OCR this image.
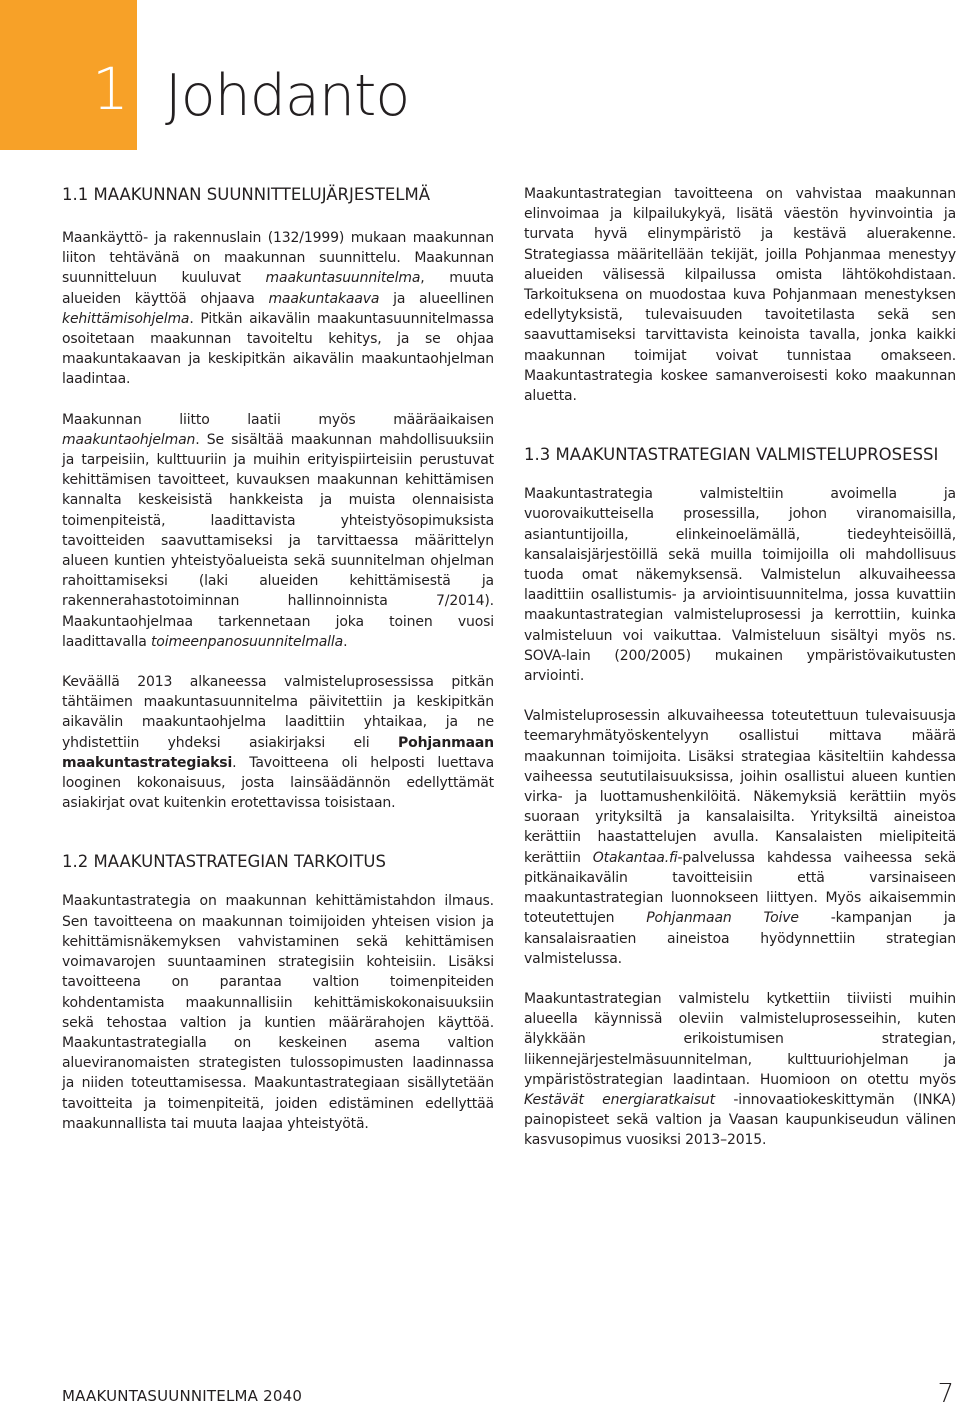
1 Johdanto
1.1 MAAKUNNAN SUUNNITTELUJÄRJESTELMÄ

Maankäyttö- ja rakennuslain (132/1999) mukaan maakunnan liiton tehtävänä on maakunnan suunnittelu. Maakunnan suunnitteluun kuuluvat maakuntasuunnitelma, muuta alueiden käyttöä ohjaava maakuntakaava ja alueellinen kehittämisohjelma. Pitkän aikavälin maakuntasuunnitelmassa osoitetaan maakunnan tavoiteltu kehitys, ja se ohjaa maakuntakaavan ja keskipitkän aikavälin maakuntaohjelman laadintaa.

Maakunnan liitto laatii myös määräaikaisen maakuntaohjelman. Se sisältää maakunnan mahdollisuuksiin ja tarpeisiin, kulttuuriin ja muihin erityispiirteisiin perustuvat kehittämisen tavoitteet, kuvauksen maakunnan kehittämisen kannalta keskeisistä hankkeista ja muista olennaisista toimenpiteistä, laadittavista yhteistyösopimuksista tavoitteiden saavuttamiseksi ja tarvittaessa määrittelyn alueen kuntien yhteistyöalueista sekä suunnitelman ohjelman rahoittamiseksi (laki alueiden kehittämisestä ja rakennerahastotoiminnan hallinnoinnista 7/2014). Maakuntaohjelmaa tarkennetaan joka toinen vuosi laadittavalla toimeenpanosuunnitelmalla.

Keväällä 2013 alkaneessa valmisteluprosessissa pitkän tähtäimen maakuntasuunnitelma päivitettiin ja keskipitkän aikavälin maakuntaohjelma laadittiin yhtaikaa, ja ne yhdistettiin yhdeksi asiakirjaksi eli Pohjanmaan maakuntastrategiaksi. Tavoitteena oli helposti luettava looginen kokonaisuus, josta lainsäädännön edellyttämät asiakirjat ovat kuitenkin erotettavissa toisistaan.

1.2 MAAKUNTASTRATEGIAN TARKOITUS

Maakuntastrategia on maakunnan kehittämistahdon ilmaus. Sen tavoitteena on maakunnan toimijoiden yhteisen vision ja kehittämisnäkemyksen vahvistaminen sekä kehittämisen voimavarojen suuntaaminen strategisiin kohteisiin. Lisäksi tavoitteena on parantaa valtion toimenpiteiden kohdentamista maakunnallisiin kehittämiskokonaisuuksiin sekä tehostaa valtion ja kuntien määrärahojen käyttöä. Maakuntastrategialla on keskeinen asema valtion alueviranomaisten strategisten tulossopimusten laadinnassa ja niiden toteuttamisessa. Maakuntastrategiaan sisällytetään tavoitteita ja toimenpiteitä, joiden edistäminen edellyttää maakunnallista tai muuta laajaa yhteistyötä.

Maakuntastrategian tavoitteena on vahvistaa maakunnan elinvoimaa ja kilpailukykyä, lisätä väestön hyvinvointia ja turvata hyvä elinympäristö ja kestävä aluerakenne. Strategiassa määritellään tekijät, joilla Pohjanmaa menestyy alueiden välisessä kilpailussa omista lähtökohdistaan. Tarkoituksena on muodostaa kuva Pohjanmaan menestyksen edellytyksistä, tulevaisuuden tavoitetilasta sekä sen saavuttamiseksi tarvittavista keinoista tavalla, jonka kaikki maakunnan toimijat voivat tunnistaa omakseen. Maakuntastrategia koskee samanveroisesti koko maakunnan aluetta.

1.3 MAAKUNTASTRATEGIAN VALMISTELUPROSESSI

Maakuntastrategia valmisteltiin avoimella ja vuorovaikutteisella prosessilla, johon viranomaisilla, asiantuntijoilla, elinkeinoelämällä, tiedeyhteisöillä, kansalaisjärjestöillä sekä muilla toimijoilla oli mahdollisuus tuoda omat näkemyksensä. Valmistelun alkuvaiheessa laadittiin osallistumis- ja arviointisuunnitelma, jossa kuvattiin maakuntastrategian valmisteluprosessi ja kerrottiin, kuinka valmisteluun voi vaikuttaa. Valmisteluun sisältyi myös ns. SOVA-lain (200/2005) mukainen ympäristövaikutusten arviointi.

Valmisteluprosessin alkuvaiheessa toteutettuun tulevaisuusja teemaryhmätyöskentelyyn osallistui mittava määrä maakunnan toimijoita. Lisäksi strategiaa käsiteltiin kahdessa vaiheessa seututilaisuuksissa, joihin osallistui alueen kuntien virka- ja luottamushenkilöitä. Näkemyksiä kerättiin myös suoraan yrityksiltä ja kansalaisilta. Yrityksiltä aineistoa kerättiin haastattelujen avulla. Kansalaisten mielipiteitä kerättiin Otakantaa.fi-palvelussa kahdessa vaiheessa sekä pitkänaikavälin tavoitteisiin että varsinaiseen maakuntastrategian luonnokseen liittyen. Myös aikaisemmin toteutettujen Pohjanmaan Toive -kampanjan ja kansalaisraatien aineistoa hyödynnettiin strategian valmistelussa.

Maakuntastrategian valmistelu kytkettiin tiiviisti muihin alueella käynnissä oleviin valmisteluprosesseihin, kuten älykkään erikoistumisen strategian, liikennejärjestelmäsuunnitelman, kulttuuriohjelman ja ympäristöstrategian laadintaan. Huomioon on otettu myös Kestävät energiaratkaisut -innovaatiokeskittymän (INKA) painopisteet sekä valtion ja Vaasan kaupunkiseudun välinen kasvusopimus vuosiksi 2013–2015.

MAAKUNTASUUNNITELMA 2040	7
